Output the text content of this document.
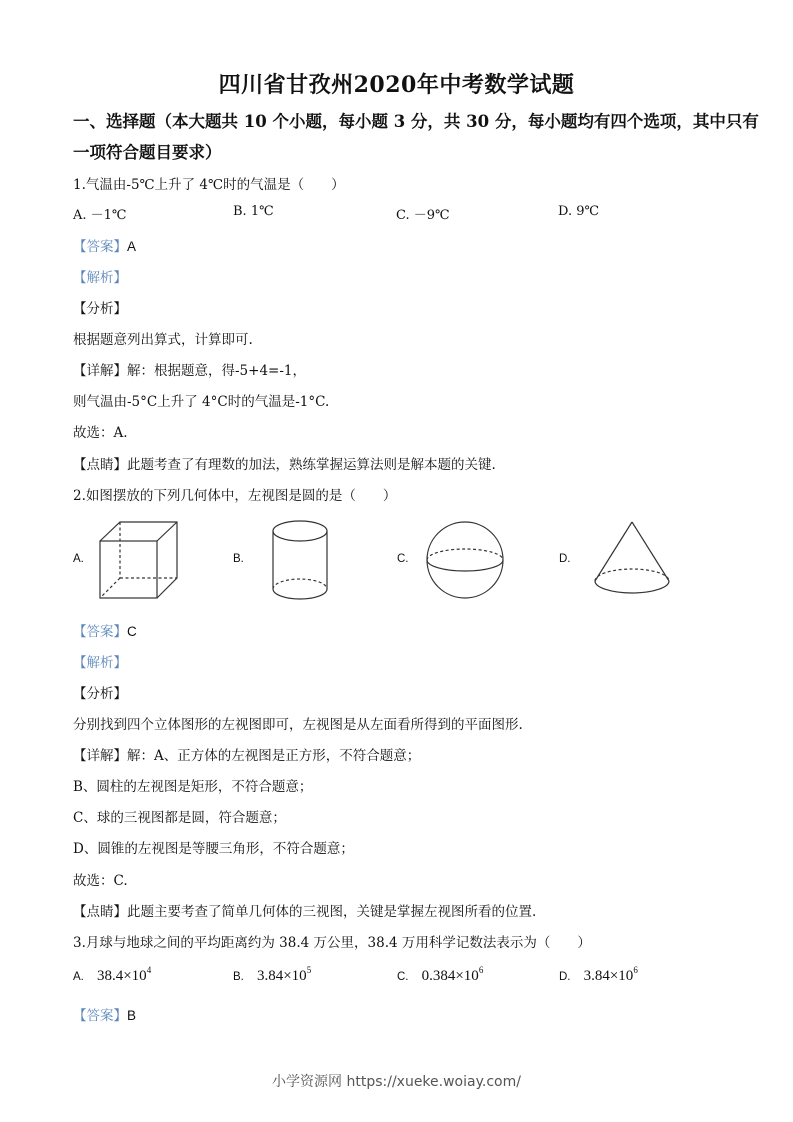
四川省甘孜州2020年中考数学试题
一、选择题（本大题共 10 个小题，每小题 3 分，共 30 分，每小题均有四个选项，其中只有
一项符合题目要求）
1.气温由-5℃上升了 4℃时的气温是（　　）
A. －1℃	B. 1℃	C. －9℃	D. 9℃
【答案】A
【解析】
【分析】
根据题意列出算式，计算即可.
【详解】解：根据题意，得-5+4=-1，
则气温由-5°C上升了 4°C时的气温是-1°C.
故选：A.
【点睛】此题考查了有理数的加法，熟练掌握运算法则是解本题的关键.
2.如图摆放的下列几何体中，左视图是圆的是（　　）
A.	B.	C.	D.
【答案】C
【解析】
【分析】
分别找到四个立体图形的左视图即可，左视图是从左面看所得到的平面图形.
【详解】解：A、正方体的左视图是正方形，不符合题意；
B、圆柱的左视图是矩形，不符合题意；
C、球的三视图都是圆，符合题意；
D、圆锥的左视图是等腰三角形，不符合题意；
故选：C.
【点睛】此题主要考查了简单几何体的三视图，关键是掌握左视图所看的位置.
3.月球与地球之间的平均距离约为 38.4 万公里，38.4 万用科学记数法表示为（　　）
A. $38.4\times 10^4$
B. $3.84\times 10^5$
C. $0.384\times 10^6$
D. $3.84\times 10^6$
【答案】B
小学资源网 https://xueke.woiay.com/
